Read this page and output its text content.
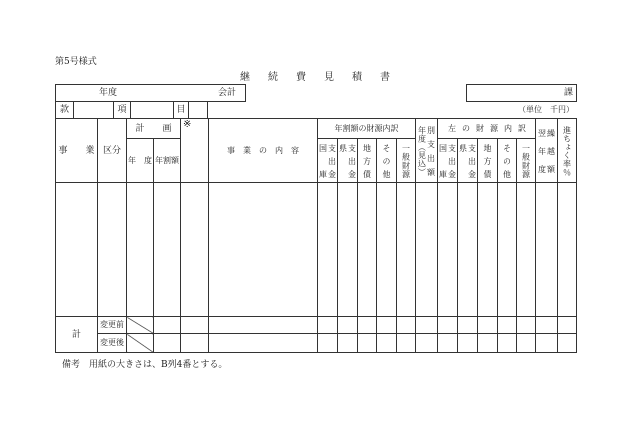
第5号様式
継　続　費　見　積　書
年度	会計	課
款	項	目	（単位　千円）
事　　業	区分	計　　画		※	事　業　の　内　容	年割額の財源内訳					年度（見込） 別支出額	左　の　財　源　内　訳					翌年度 繰越額	進ちょく率％

		年　度	年割額			国庫 支出金	県 支出金	地方債	その他	一般財源		国庫 支出金	県 支出金	地方債	その他	一般財源		

計	変更前																	
	変更後																	
備考　用紙の大きさは、B列4番とする。
